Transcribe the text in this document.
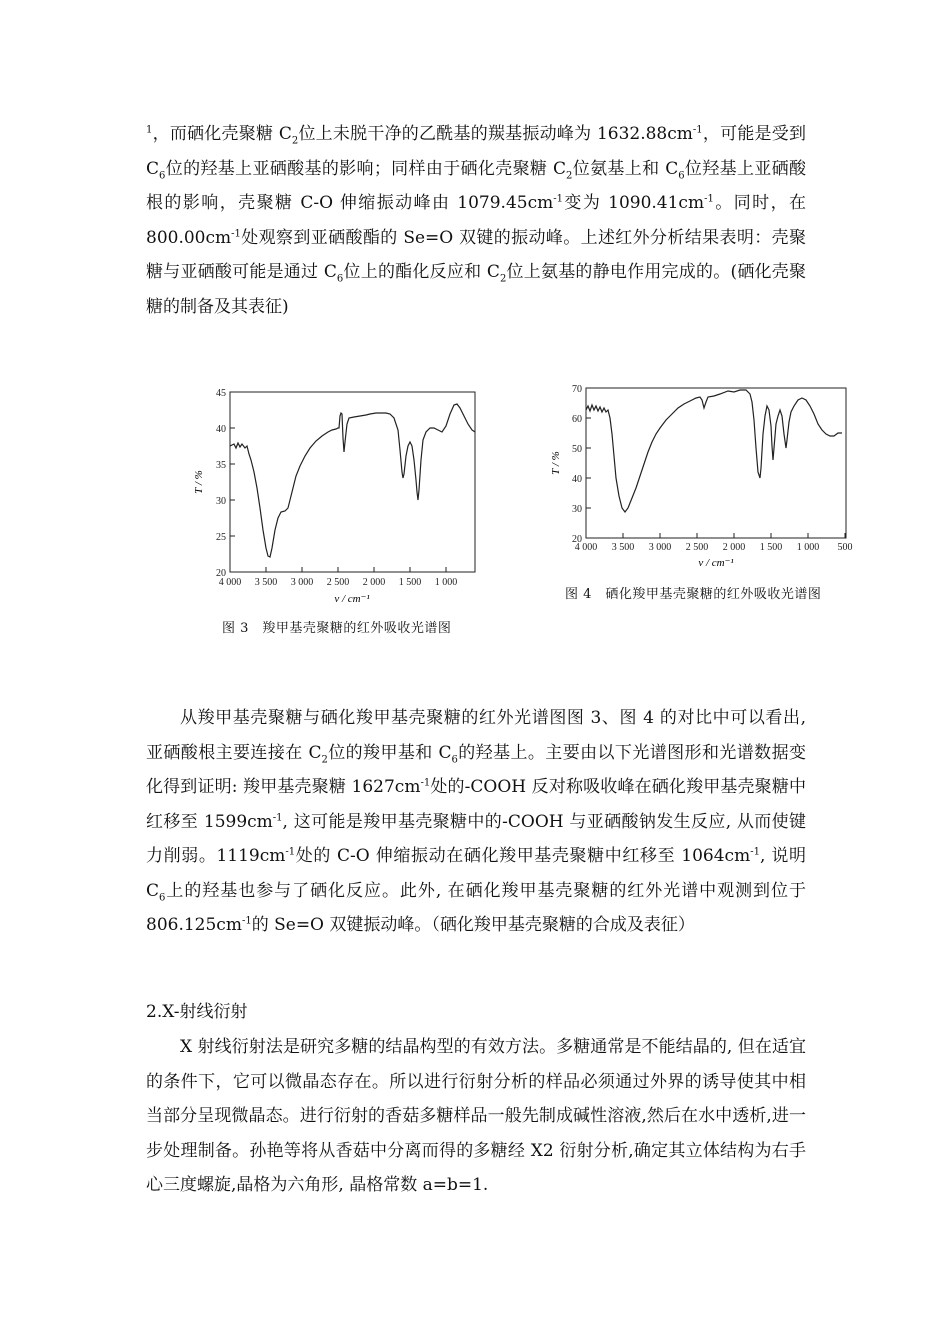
$^1$，而硒化壳聚糖 $C_2$位上未脱干净的乙酰基的羰基振动峰为 $1632.88cm^{-1}$，可能是受到 $C_6$位的羟基上亚硒酸基的影响；同样由于硒化壳聚糖 $C_2$位氨基上和 $C_6$位羟基上亚硒酸根的影响，壳聚糖 C-O 伸缩振动峰由 $1079.45cm^{-1}$变为 $1090.41cm^{-1}$。同时，在 $800.00cm^{-1}$处观察到亚硒酸酯的 Se=O 双键的振动峰。上述红外分析结果表明：壳聚糖与亚硒酸可能是通过 $C_6$位上的酯化反应和 $C_2$位上氨基的静电作用完成的。(硒化壳聚糖的制备及其表征)

20
25
30
35
40
45
4 000 3 500 3 000 2 500 2 000 1 500 1 000
ν / cm⁻¹
T / %
图 3　羧甲基壳聚糖的红外吸收光谱图
20
30
40
50
60
70
4 000 3 500 3 000 2 500 2 000 1 500 1 000 500
ν / cm⁻¹
T / %
图 4　硒化羧甲基壳聚糖的红外吸收光谱图

从羧甲基壳聚糖与硒化羧甲基壳聚糖的红外光谱图图 3、图 4 的对比中可以看出, 亚硒酸根主要连接在 $C_2$位的羧甲基和 $C_6$的羟基上。主要由以下光谱图形和光谱数据变化得到证明: 羧甲基壳聚糖 $1627cm^{-1}$处的-COOH 反对称吸收峰在硒化羧甲基壳聚糖中红移至 $1599cm^{-1}$, 这可能是羧甲基壳聚糖中的-COOH 与亚硒酸钠发生反应, 从而使键力削弱。$1119cm^{-1}$处的 C-O 伸缩振动在硒化羧甲基壳聚糖中红移至 $1064cm^{-1}$, 说明 $C_6$上的羟基也参与了硒化反应。此外, 在硒化羧甲基壳聚糖的红外光谱中观测到位于 $806.125cm^{-1}$的 Se=O 双键振动峰。（硒化羧甲基壳聚糖的合成及表征）

2.X-射线衍射

X 射线衍射法是研究多糖的结晶构型的有效方法。多糖通常是不能结晶的, 但在适宜的条件下，它可以微晶态存在。所以进行衍射分析的样品必须通过外界的诱导使其中相当部分呈现微晶态。进行衍射的香菇多糖样品一般先制成碱性溶液,然后在水中透析,进一步处理制备。孙艳等将从香菇中分离而得的多糖经 X2 衍射分析,确定其立体结构为右手心三度螺旋,晶格为六角形, 晶格常数 a=b=1.
